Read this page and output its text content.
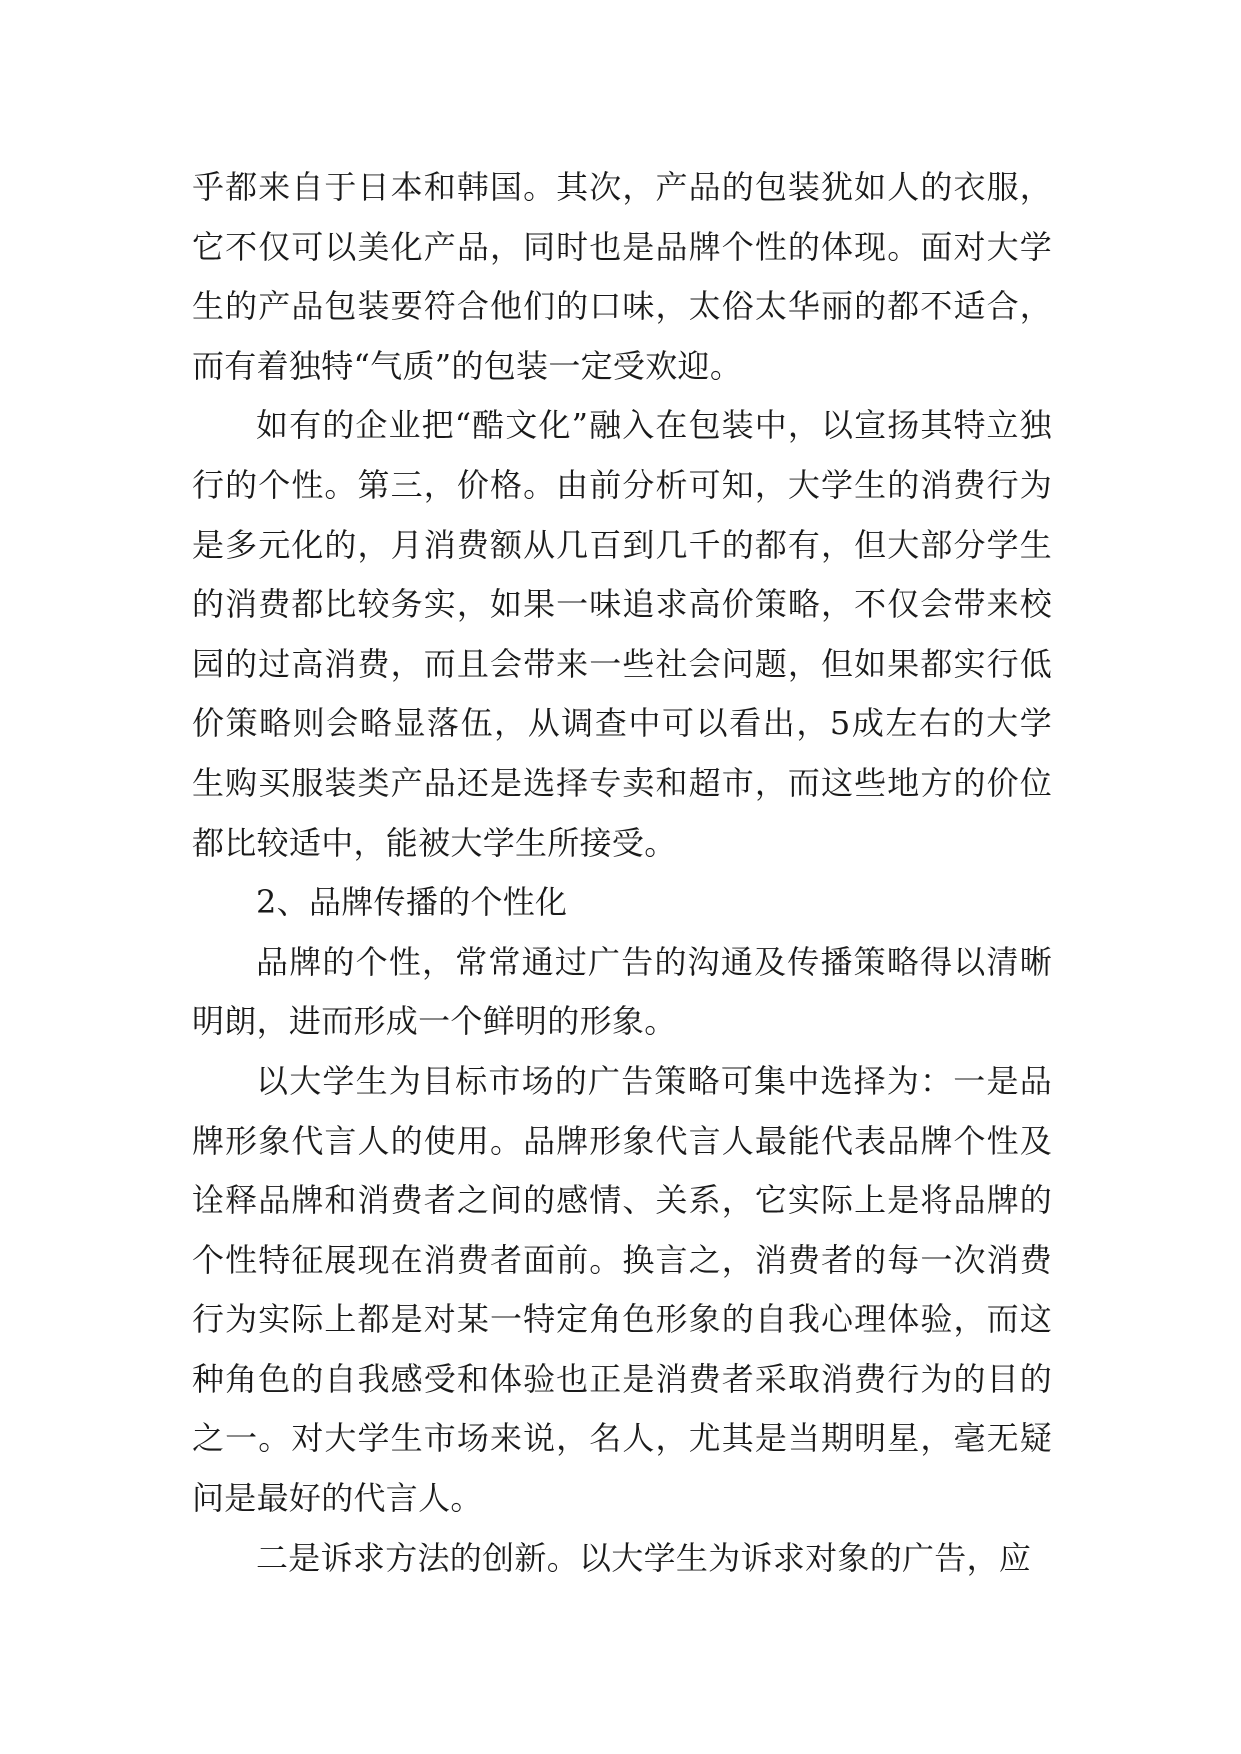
乎都来自于日本和韩国。其次，产品的包装犹如人的衣服，它不仅可以美化产品，同时也是品牌个性的体现。面对大学生的产品包装要符合他们的口味，太俗太华丽的都不适合，而有着独特“气质”的包装一定受欢迎。

如有的企业把“酷文化”融入在包装中，以宣扬其特立独行的个性。第三，价格。由前分析可知，大学生的消费行为是多元化的，月消费额从几百到几千的都有，但大部分学生的消费都比较务实，如果一味追求高价策略，不仅会带来校园的过高消费，而且会带来一些社会问题，但如果都实行低价策略则会略显落伍，从调查中可以看出，5成左右的大学生购买服装类产品还是选择专卖和超市，而这些地方的价位都比较适中，能被大学生所接受。

2、品牌传播的个性化

品牌的个性，常常通过广告的沟通及传播策略得以清晰明朗，进而形成一个鲜明的形象。

以大学生为目标市场的广告策略可集中选择为：一是品牌形象代言人的使用。品牌形象代言人最能代表品牌个性及诠释品牌和消费者之间的感情、关系，它实际上是将品牌的个性特征展现在消费者面前。换言之，消费者的每一次消费行为实际上都是对某一特定角色形象的自我心理体验，而这种角色的自我感受和体验也正是消费者采取消费行为的目的之一。对大学生市场来说，名人，尤其是当期明星，毫无疑问是最好的代言人。

二是诉求方法的创新。以大学生为诉求对象的广告，应
